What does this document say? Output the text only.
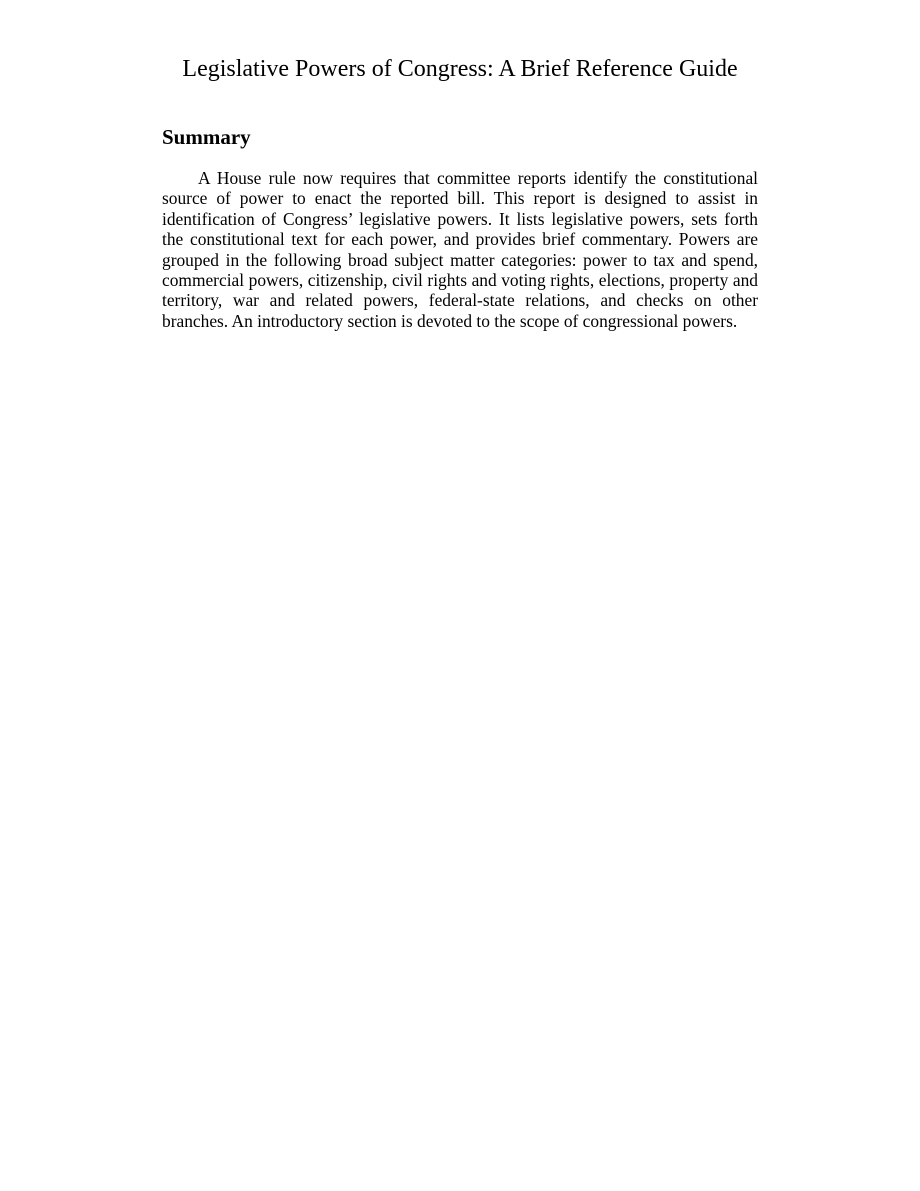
Legislative Powers of Congress: A Brief Reference Guide
Summary

A House rule now requires that committee reports identify the constitutional source of power to enact the reported bill. This report is designed to assist in identification of Congress’ legislative powers. It lists legislative powers, sets forth the constitutional text for each power, and provides brief commentary. Powers are grouped in the following broad subject matter categories: power to tax and spend, commercial powers, citizenship, civil rights and voting rights, elections, property and territory, war and related powers, federal-state relations, and checks on other branches. An introductory section is devoted to the scope of congressional powers.
